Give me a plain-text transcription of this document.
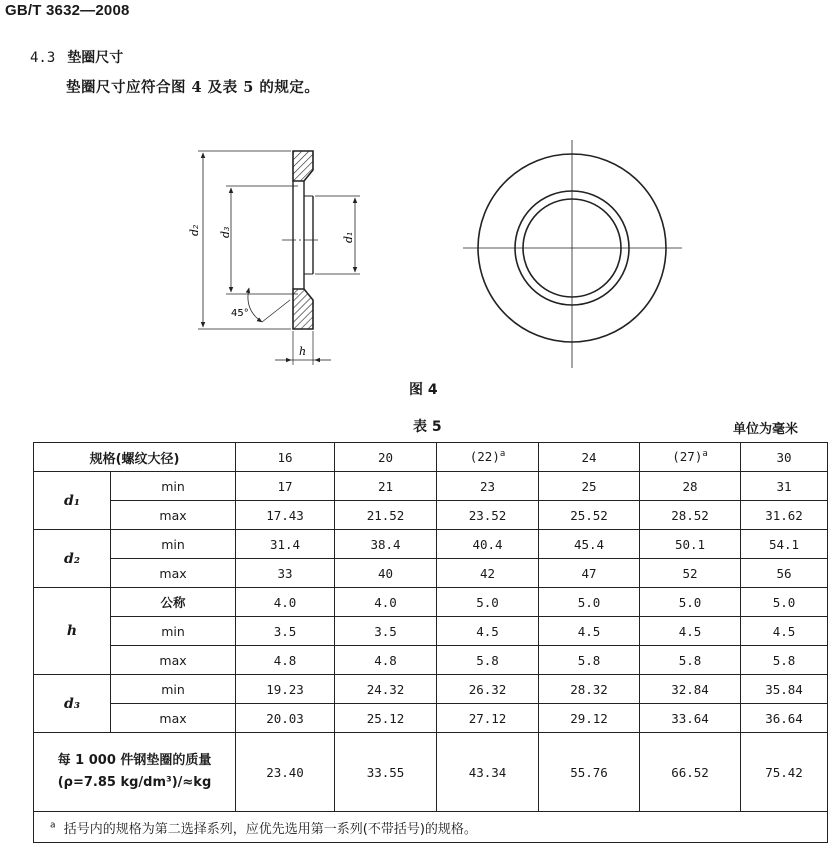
GB/T 3632—2008
4.3 垫圈尺寸
垫圈尺寸应符合图 4 及表 5 的规定。
d₂ d₃	d₁
h
45°
图 4
表 5	单位为毫米
规格(螺纹大径)		16	20	$(22)^a$	24	$(27)^a$	30
d₁	min	17	21	23	25	28	31
	max	17.43	21.52	23.52	25.52	28.52	31.62
d₂	min	31.4	38.4	40.4	45.4	50.1	54.1
	max	33	40	42	47	52	56
h	公称	4.0	4.0	5.0	5.0	5.0	5.0
	min	3.5	3.5	4.5	4.5	4.5	4.5
	max	4.8	4.8	5.8	5.8	5.8	5.8
d₃	min	19.23	24.32	26.32	28.32	32.84	35.84
	max	20.03	25.12	27.12	29.12	33.64	36.64

每 1 000 件钢垫圈的质量
(ρ=7.85 kg/dm³)/≈kg		23.40	33.55	43.34	55.76	66.52	75.42
$^a$ 括号内的规格为第二选择系列，应优先选用第一系列(不带括号)的规格。							
